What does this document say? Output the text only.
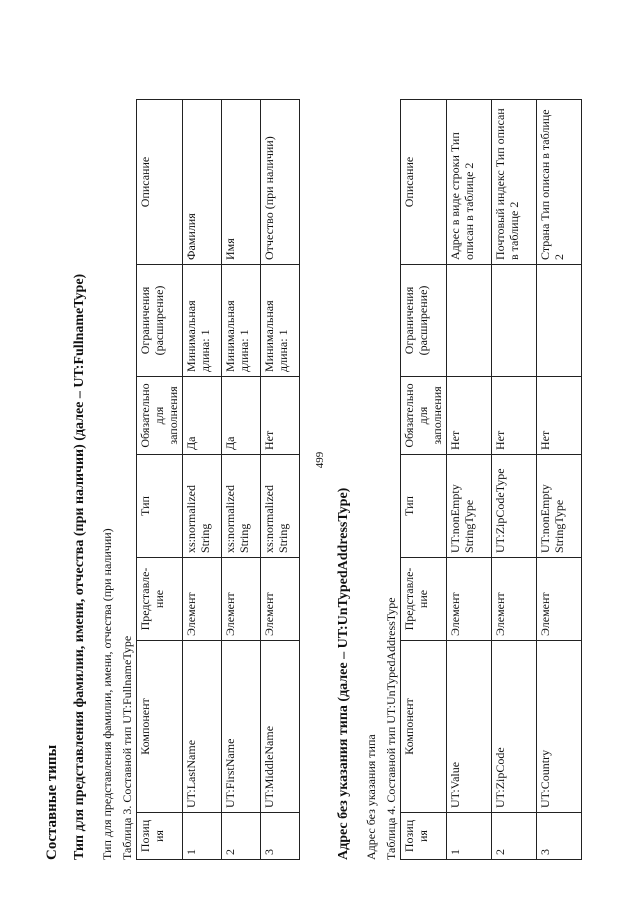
499
Составные типы Тип для представления фамилии, имени, отчества (при наличии) (далее – UT:FullnameType) Тип для представления фамилии, имени, отчества (при наличии) Таблица 3. Составной тип UT:FullnameType Позиция	Компонент	Представле-ние	Тип	Обязательно для заполнения	Ограничения (расширение)	Описание
1	UT:LastName	Элемент	xs:normalized String	Да	Минимальная длина: 1	Фамилия
2	UT:FirstName	Элемент	xs:normalized String	Да	Минимальная длина: 1	Имя
3	UT:MiddleName	Элемент	xs:normalized String	Нет	Минимальная длина: 1	Отчество (при наличии)
Адрес без указания типа (далее – UT:UnTypedAddressType) Адрес без указания типа Таблица 4. Составной тип UT:UnTypedAddressType Позиция	Компонент	Представле-ние	Тип	Обязательно для заполнения	Ограничения (расширение)	Описание
1	UT:Value	Элемент	UT:nonEmpty StringType	Нет		Адрес в виде строки Тип описан в таблице 2
2	UT:ZipCode	Элемент	UT:ZipCodeType	Нет		Почтовый индекс Тип описан в таблице 2
3	UT:Country	Элемент	UT:nonEmpty StringType	Нет		Страна Тип описан в таблице 2
